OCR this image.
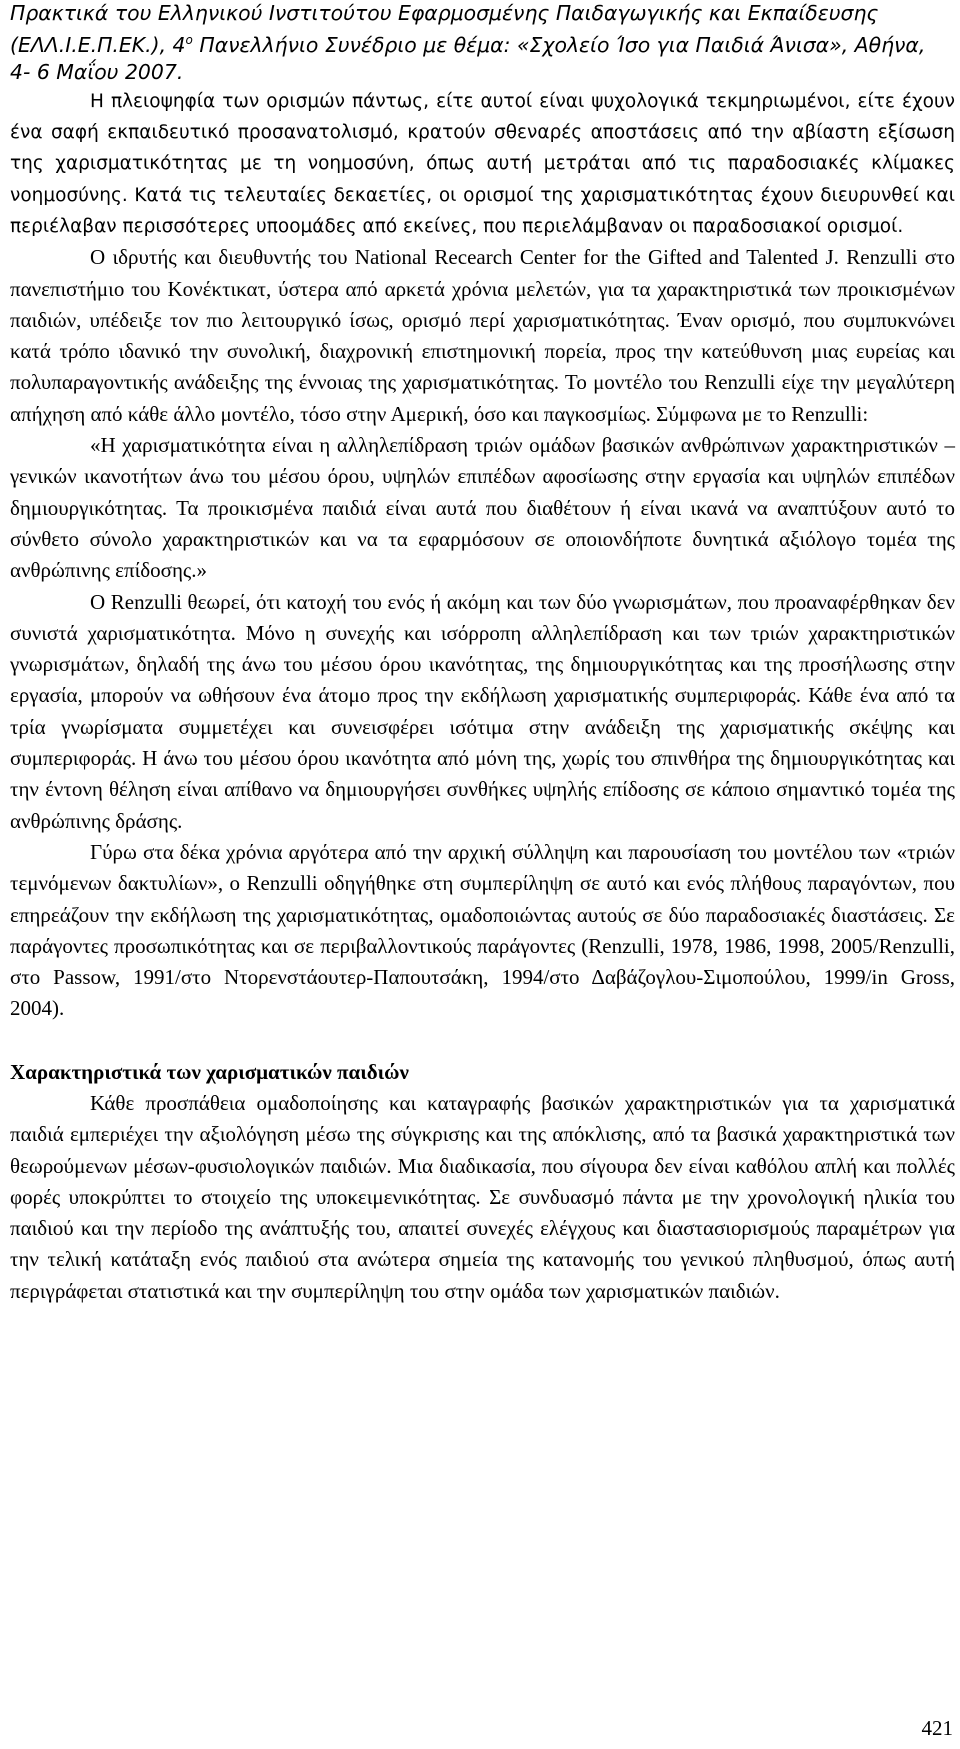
Πρακτικά του Ελληνικού Ινστιτούτου Εφαρμοσμένης Παιδαγωγικής και Εκπαίδευσης
(ΕΛΛ.Ι.Ε.Π.ΕΚ.), $4^o$ Πανελλήνιο Συνέδριο με θέμα: «Σχολείο Ίσο για Παιδιά Άνισα», Αθήνα,
4- 6 Μαΐου 2007.

Η πλειοψηφία των ορισμών πάντως, είτε αυτοί είναι ψυχολογικά τεκμηριωμένοι, είτε έχουν ένα σαφή εκπαιδευτικό προσανατολισμό, κρατούν σθεναρές αποστάσεις από την αβίαστη εξίσωση της χαρισματικότητας με τη νοημοσύνη, όπως αυτή μετράται από τις παραδοσιακές κλίμακες νοημοσύνης. Κατά τις τελευταίες δεκαετίες, οι ορισμοί της χαρισματικότητας έχουν διευρυνθεί και περιέλαβαν περισσότερες υποομάδες από εκείνες, που περιελάμβαναν οι παραδοσιακοί ορισμοί.

Ο ιδρυτής και διευθυντής του National Recearch Center for the Gifted and Talented J. Renzulli στο πανεπιστήμιο του Κονέκτικατ, ύστερα από αρκετά χρόνια μελετών, για τα χαρακτηριστικά των προικισμένων παιδιών, υπέδειξε τον πιο λειτουργικό ίσως, ορισμό περί χαρισματικότητας. Έναν ορισμό, που συμπυκνώνει κατά τρόπο ιδανικό την συνολική, διαχρονική επιστημονική πορεία, προς την κατεύθυνση μιας ευρείας και πολυπαραγοντικής ανάδειξης της έννοιας της χαρισματικότητας. Το μοντέλο του Renzulli είχε την μεγαλύτερη απήχηση από κάθε άλλο μοντέλο, τόσο στην Αμερική, όσο και παγκοσμίως. Σύμφωνα με το Renzulli:

«Η χαρισματικότητα είναι η αλληλεπίδραση τριών ομάδων βασικών ανθρώπινων χαρακτηριστικών – γενικών ικανοτήτων άνω του μέσου όρου, υψηλών επιπέδων αφοσίωσης στην εργασία και υψηλών επιπέδων δημιουργικότητας. Τα προικισμένα παιδιά είναι αυτά που διαθέτουν ή είναι ικανά να αναπτύξουν αυτό το σύνθετο σύνολο χαρακτηριστικών και να τα εφαρμόσουν σε οποιονδήποτε δυνητικά αξιόλογο τομέα της ανθρώπινης επίδοσης.»

Ο Renzulli θεωρεί, ότι κατοχή του ενός ή ακόμη και των δύο γνωρισμάτων, που προαναφέρθηκαν δεν συνιστά χαρισματικότητα. Μόνο η συνεχής και ισόρροπη αλληλεπίδραση και των τριών χαρακτηριστικών γνωρισμάτων, δηλαδή της άνω του μέσου όρου ικανότητας, της δημιουργικότητας και της προσήλωσης στην εργασία, μπορούν να ωθήσουν ένα άτομο προς την εκδήλωση χαρισματικής συμπεριφοράς. Κάθε ένα από τα τρία γνωρίσματα συμμετέχει και συνεισφέρει ισότιμα στην ανάδειξη της χαρισματικής σκέψης και συμπεριφοράς. Η άνω του μέσου όρου ικανότητα από μόνη της, χωρίς του σπινθήρα της δημιουργικότητας και την έντονη θέληση είναι απίθανο να δημιουργήσει συνθήκες υψηλής επίδοσης σε κάποιο σημαντικό τομέα της ανθρώπινης δράσης.

Γύρω στα δέκα χρόνια αργότερα από την αρχική σύλληψη και παρουσίαση του μοντέλου των «τριών τεμνόμενων δακτυλίων», ο Renzulli οδηγήθηκε στη συμπερίληψη σε αυτό και ενός πλήθους παραγόντων, που επηρεάζουν την εκδήλωση της χαρισματικότητας, ομαδοποιώντας αυτούς σε δύο παραδοσιακές διαστάσεις. Σε παράγοντες προσωπικότητας και σε περιβαλλοντικούς παράγοντες (Renzulli, 1978, 1986, 1998, 2005/Renzulli, στο Passow, 1991/στο Ντορενστάουτερ-Παπουτσάκη, 1994/στο Δαβάζογλου-Σιμοπούλου, 1999/in Gross, 2004).

Χαρακτηριστικά των χαρισματικών παιδιών

Κάθε προσπάθεια ομαδοποίησης και καταγραφής βασικών χαρακτηριστικών για τα χαρισματικά παιδιά εμπεριέχει την αξιολόγηση μέσω της σύγκρισης και της απόκλισης, από τα βασικά χαρακτηριστικά των θεωρούμενων μέσων-φυσιολογικών παιδιών. Μια διαδικασία, που σίγουρα δεν είναι καθόλου απλή και πολλές φορές υποκρύπτει το στοιχείο της υποκειμενικότητας. Σε συνδυασμό πάντα με την χρονολογική ηλικία του παιδιού και την περίοδο της ανάπτυξής του, απαιτεί συνεχές ελέγχους και διαστασιορισμούς παραμέτρων για την τελική κατάταξη ενός παιδιού στα ανώτερα σημεία της κατανομής του γενικού πληθυσμού, όπως αυτή περιγράφεται στατιστικά και την συμπερίληψη του στην ομάδα των χαρισματικών παιδιών.

421
